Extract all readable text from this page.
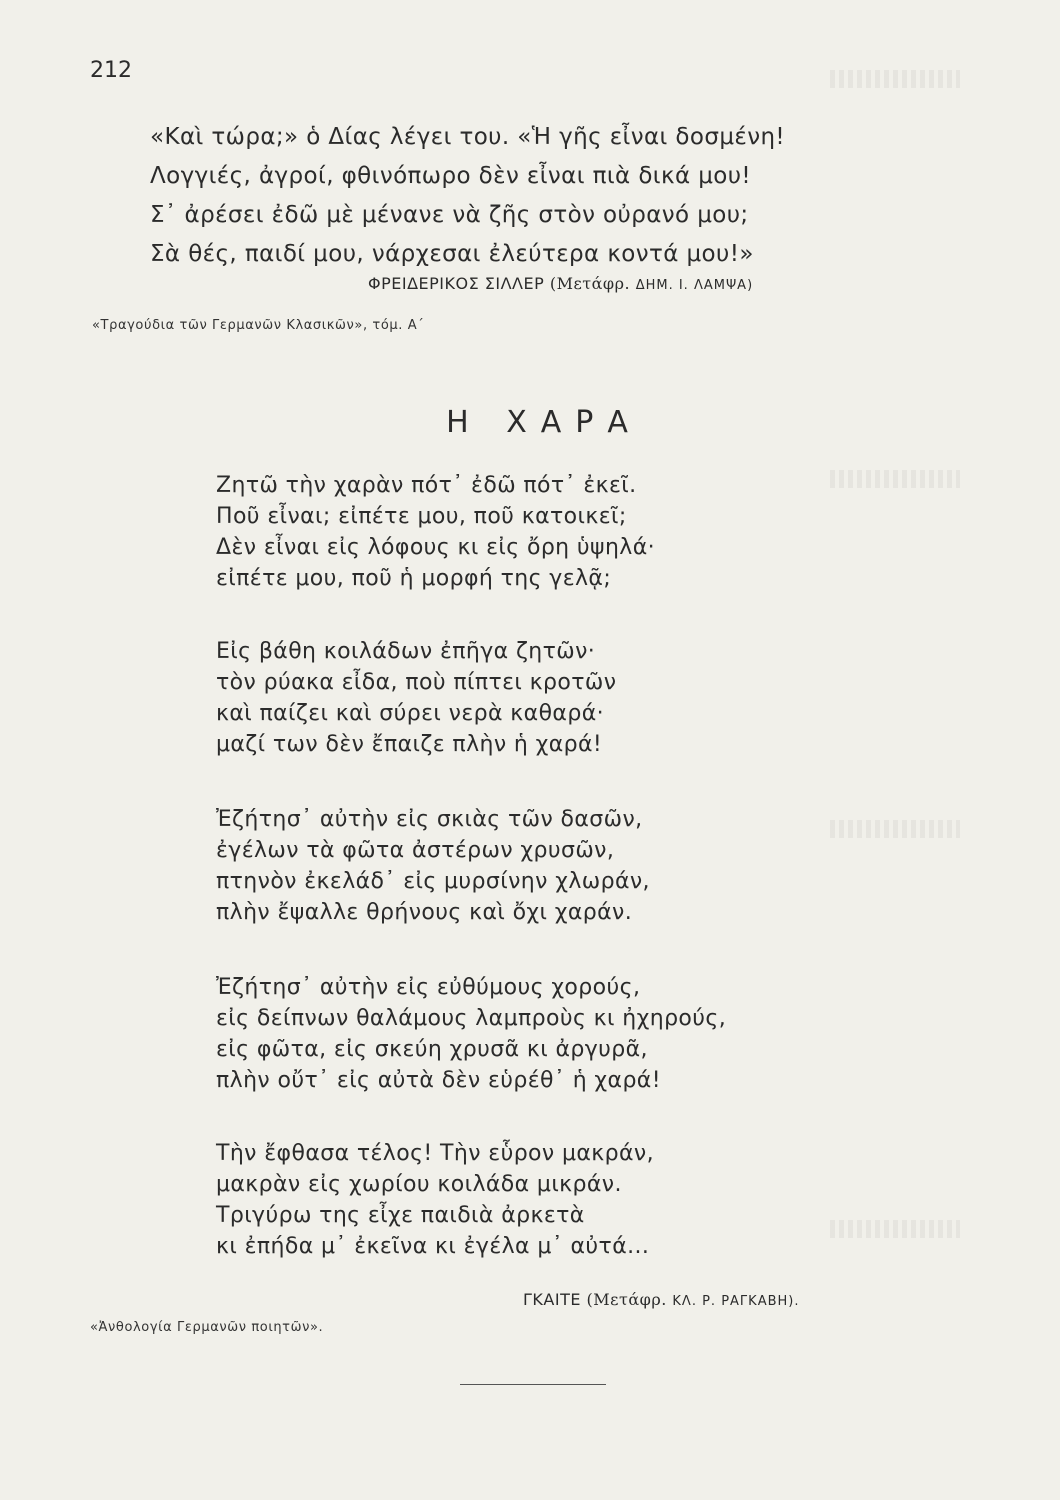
212
«Καὶ τώρα;» ὁ Δίας λέγει του. «Ἡ γῆς εἶναι δοσμένη!
Λογγιές, ἀγροί, φθινόπωρο δὲν εἶναι πιὰ δικά μου!
Σ᾽ ἀρέσει ἐδῶ μὲ μένανε νὰ ζῆς στὸν οὐρανό μου;
Σὰ θές, παιδί μου, νάρχεσαι ἐλεύτερα κοντά μου!»
ΦΡΕΙΔΕΡΙΚΟΣ ΣΙΛΛΕΡ (Μετάφρ. ΔΗΜ. Ι. ΛΑΜΨΑ)
«Τραγούδια τῶν Γερμανῶν Κλασικῶν», τόμ. Α´
Η ΧΑΡΑ
Ζητῶ τὴν χαρὰν πότ᾽ ἐδῶ πότ᾽ ἐκεῖ.
Ποῦ εἶναι; εἰπέτε μου, ποῦ κατοικεῖ;
Δὲν εἶναι εἰς λόφους κι εἰς ὄρη ὑψηλά·
εἰπέτε μου, ποῦ ἡ μορφή της γελᾷ;
Εἰς βάθη κοιλάδων ἐπῆγα ζητῶν·
τὸν ρύακα εἶδα, ποὺ πίπτει κροτῶν
καὶ παίζει καὶ σύρει νερὰ καθαρά·
μαζί των δὲν ἔπαιζε πλὴν ἡ χαρά!
Ἐζήτησ᾽ αὐτὴν εἰς σκιὰς τῶν δασῶν,
ἐγέλων τὰ φῶτα ἀστέρων χρυσῶν,
πτηνὸν ἐκελάδ᾽ εἰς μυρσίνην χλωράν,
πλὴν ἔψαλλε θρήνους καὶ ὄχι χαράν.
Ἐζήτησ᾽ αὐτὴν εἰς εὐθύμους χορούς,
εἰς δείπνων θαλάμους λαμπροὺς κι ἠχηρούς,
εἰς φῶτα, εἰς σκεύη χρυσᾶ κι ἀργυρᾶ,
πλὴν οὔτ᾽ εἰς αὐτὰ δὲν εὑρέθ᾽ ἡ χαρά!
Τὴν ἔφθασα τέλος! Τὴν εὗρον μακράν,
μακρὰν εἰς χωρίου κοιλάδα μικράν.
Τριγύρω της εἶχε παιδιὰ ἀρκετὰ
κι ἐπήδα μ᾽ ἐκεῖνα κι ἐγέλα μ᾽ αὐτά...
ΓΚΑΙΤΕ (Μετάφρ. ΚΛ. Ρ. ΡΑΓΚΑΒΗ).
«Ἀνθολογία Γερμανῶν ποιητῶν».
